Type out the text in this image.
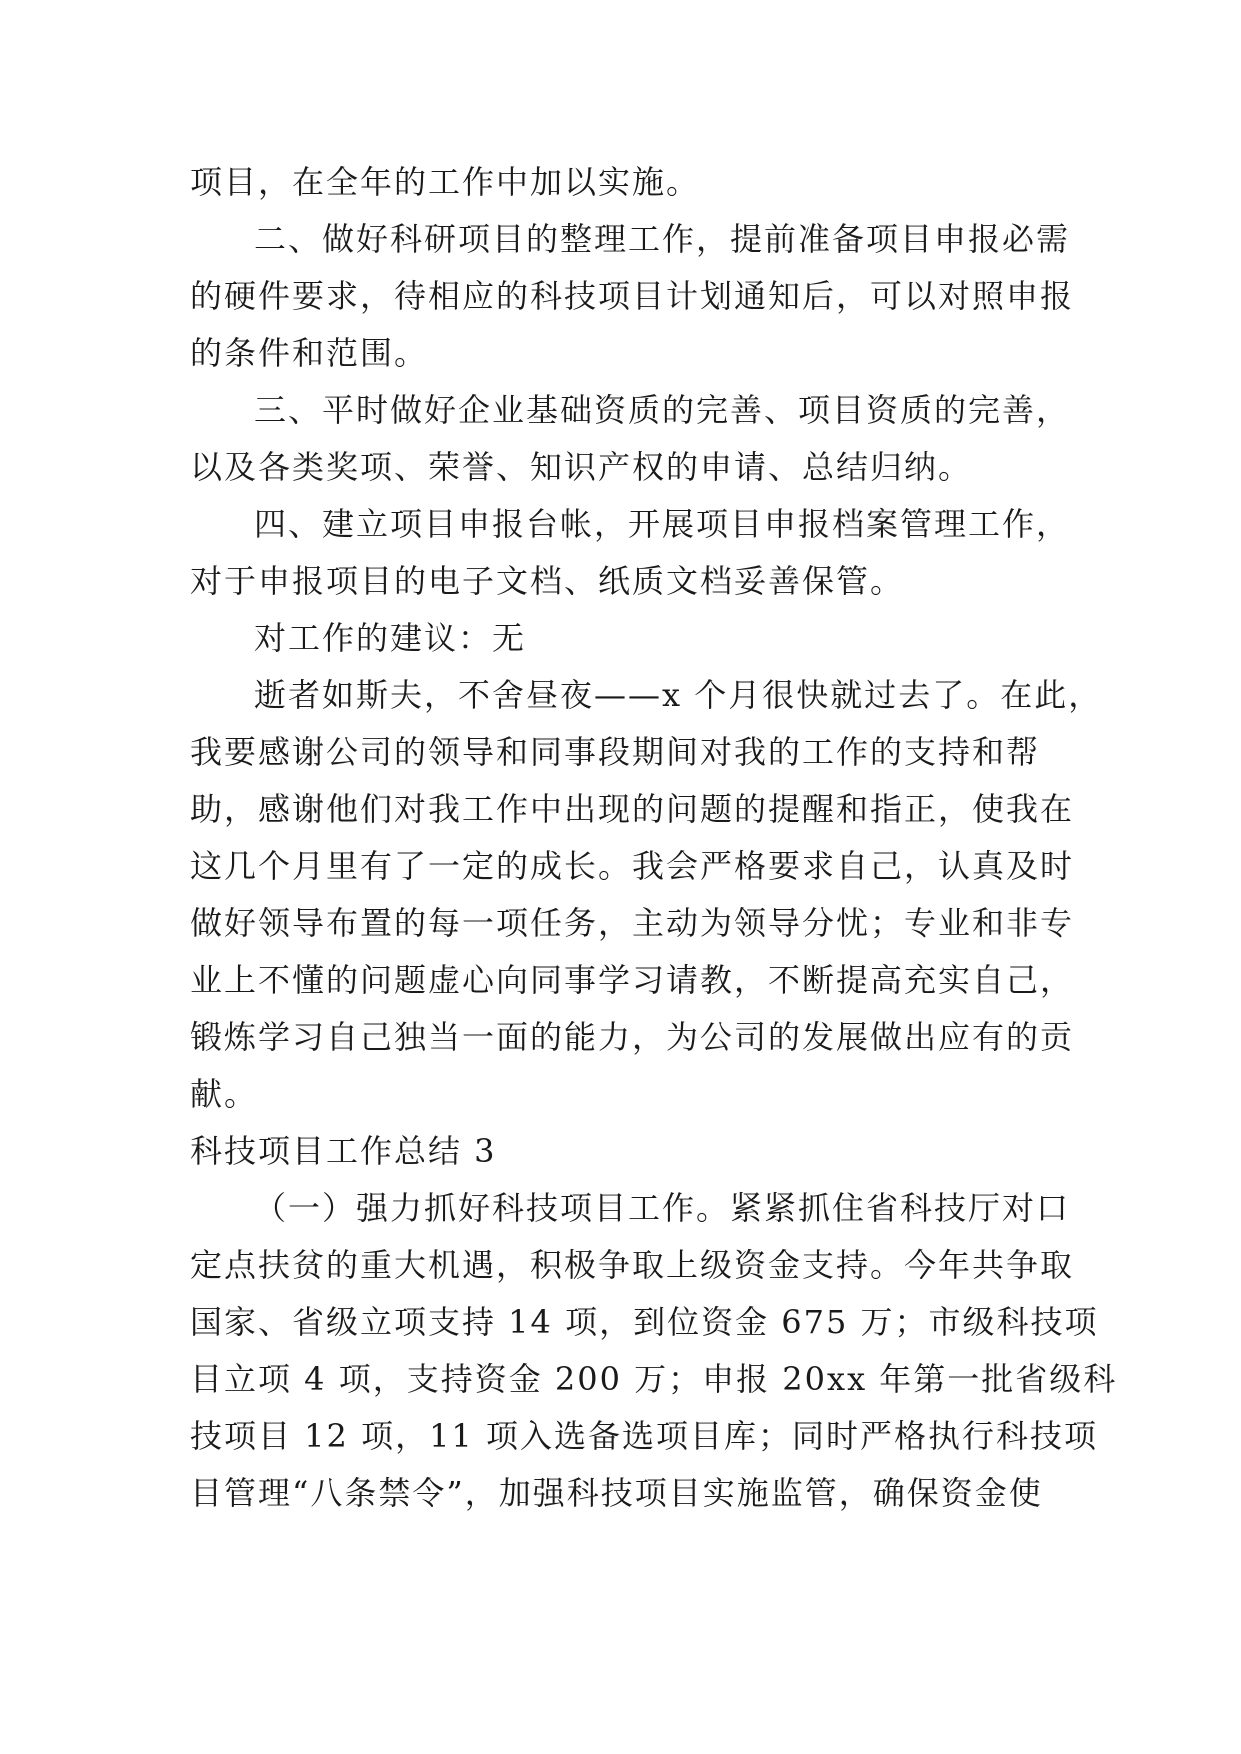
项目，在全年的工作中加以实施。
二、做好科研项目的整理工作，提前准备项目申报必需
的硬件要求，待相应的科技项目计划通知后，可以对照申报
的条件和范围。
三、平时做好企业基础资质的完善、项目资质的完善，
以及各类奖项、荣誉、知识产权的申请、总结归纳。
四、建立项目申报台帐，开展项目申报档案管理工作，
对于申报项目的电子文档、纸质文档妥善保管。
对工作的建议：无
逝者如斯夫，不舍昼夜——x 个月很快就过去了。在此，
我要感谢公司的领导和同事段期间对我的工作的支持和帮
助，感谢他们对我工作中出现的问题的提醒和指正，使我在
这几个月里有了一定的成长。我会严格要求自己，认真及时
做好领导布置的每一项任务，主动为领导分忧；专业和非专
业上不懂的问题虚心向同事学习请教，不断提高充实自己，
锻炼学习自己独当一面的能力，为公司的发展做出应有的贡
献。
科技项目工作总结 3
（一）强力抓好科技项目工作。紧紧抓住省科技厅对口
定点扶贫的重大机遇，积极争取上级资金支持。今年共争取
国家、省级立项支持 14 项，到位资金 675 万；市级科技项
目立项 4 项，支持资金 200 万；申报 20xx 年第一批省级科
技项目 12 项，11 项入选备选项目库；同时严格执行科技项
目管理“八条禁令”，加强科技项目实施监管，确保资金使
